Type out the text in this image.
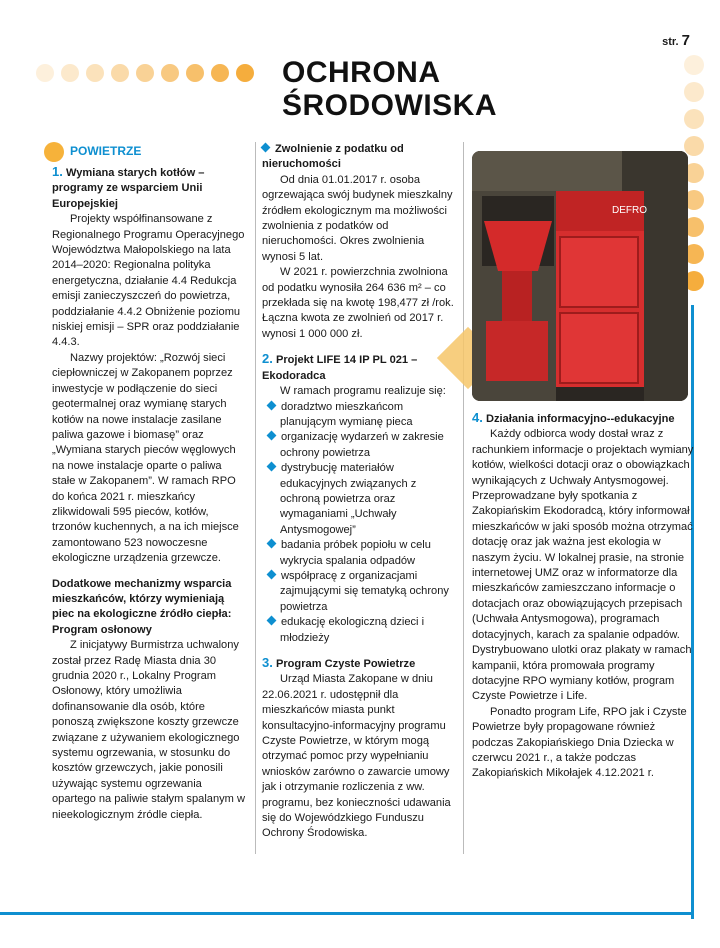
str. 7
OCHRONA
ŚRODOWISKA
POWIETRZE

1. Wymiana starych kotłów – programy ze wsparciem Unii Europejskiej

Projekty współfinansowane z Regionalnego Programu Operacyjnego Województwa Małopolskiego na lata 2014–2020: Regionalna polityka energetyczna, działanie 4.4 Redukcja emisji zanieczyszczeń do powietrza, poddziałanie 4.4.2 Obniżenie poziomu niskiej emisji – SPR oraz poddziałanie 4.4.3.

Nazwy projektów: „Rozwój sieci ciepłowniczej w Zakopanem poprzez inwestycje w podłączenie do sieci geotermalnej oraz wymianę starych kotłów na nowe instalacje zasilane paliwa gazowe i biomasę” oraz „Wymiana starych pieców węglowych na nowe instalacje oparte o paliwa stałe w Zakopanem”. W ramach RPO do końca 2021 r. mieszkańcy zlikwidowali 595 pieców, kotłów, trzonów kuchennych, a na ich miejsce zamontowano 523 nowoczesne ekologiczne urządzenia grzewcze.

Dodatkowe mechanizmy wsparcia mieszkańców, którzy wymieniają piec na ekologiczne źródło ciepła:

Program osłonowy

Z inicjatywy Burmistrza uchwalony został przez Radę Miasta dnia 30 grudnia 2020 r., Lokalny Program Osłonowy, który umożliwia dofinansowanie dla osób, które ponoszą zwiększone koszty grzewcze związane z używaniem ekologicznego systemu ogrzewania, w stosunku do kosztów grzewczych, jakie ponosili używając systemu ogrzewania opartego na paliwie stałym spalanym w nieekologicznym źródle ciepła.

Zwolnienie z podatku od nieruchomości

Od dnia 01.01.2017 r. osoba ogrzewająca swój budynek mieszkalny źródłem ekologicznym ma możliwości zwolnienia z podatków od nieruchomości. Okres zwolnienia wynosi 5 lat.

W 2021 r. powierzchnia zwolniona od podatku wynosiła 264 636 m² – co przekłada się na kwotę 198,477 zł /rok. Łączna kwota ze zwolnień od 2017 r. wynosi 1 000 000 zł.

2. Projekt LIFE 14 IP PL 021 – Ekodoradca

W ramach programu realizuje się:

doradztwo mieszkańcom planującym wymianę pieca

organizację wydarzeń w zakresie ochrony powietrza

dystrybucję materiałów edukacyjnych związanych z ochroną powietrza oraz wymaganiami „Uchwały Antysmogowej”

badania próbek popiołu w celu wykrycia spalania odpadów

współpracę z organizacjami zajmującymi się tematyką ochrony powietrza

edukację ekologiczną dzieci i młodzieży

3. Program Czyste Powietrze

Urząd Miasta Zakopane w dniu 22.06.2021 r. udostępnił dla mieszkańców miasta punkt konsultacyjno-informacyjny programu Czyste Powietrze, w którym mogą otrzymać pomoc przy wypełnianiu wniosków zarówno o zawarcie umowy jak i otrzymanie rozliczenia z ww. programu, bez konieczności udawania się do Wojewódzkiego Funduszu Ochrony Środowiska.

DEFRO

4. Działania informacyjno--edukacyjne

Każdy odbiorca wody dostał wraz z rachunkiem informacje o projektach wymiany kotłów, wielkości dotacji oraz o obowiązkach wynikających z Uchwały Antysmogowej. Przeprowadzane były spotkania z Zakopiańskim Ekodoradcą, który informował mieszkańców w jaki sposób można otrzymać dotację oraz jak ważna jest ekologia w naszym życiu. W lokalnej prasie, na stronie internetowej UMZ oraz w informatorze dla mieszkańców zamieszczano informacje o dotacjach oraz obowiązujących przepisach (Uchwała Antysmogowa), programach dotacyjnych, karach za spalanie odpadów. Dystrybuowano ulotki oraz plakaty w ramach kampanii, która promowała programy dotacyjne RPO wymiany kotłów, program Czyste Powietrze i Life.

Ponadto program Life, RPO jak i Czyste Powietrze były propagowane również podczas Zakopiańskiego Dnia Dziecka w czerwcu 2021 r., a także podczas Zakopiańskich Mikołajek 4.12.2021 r.
